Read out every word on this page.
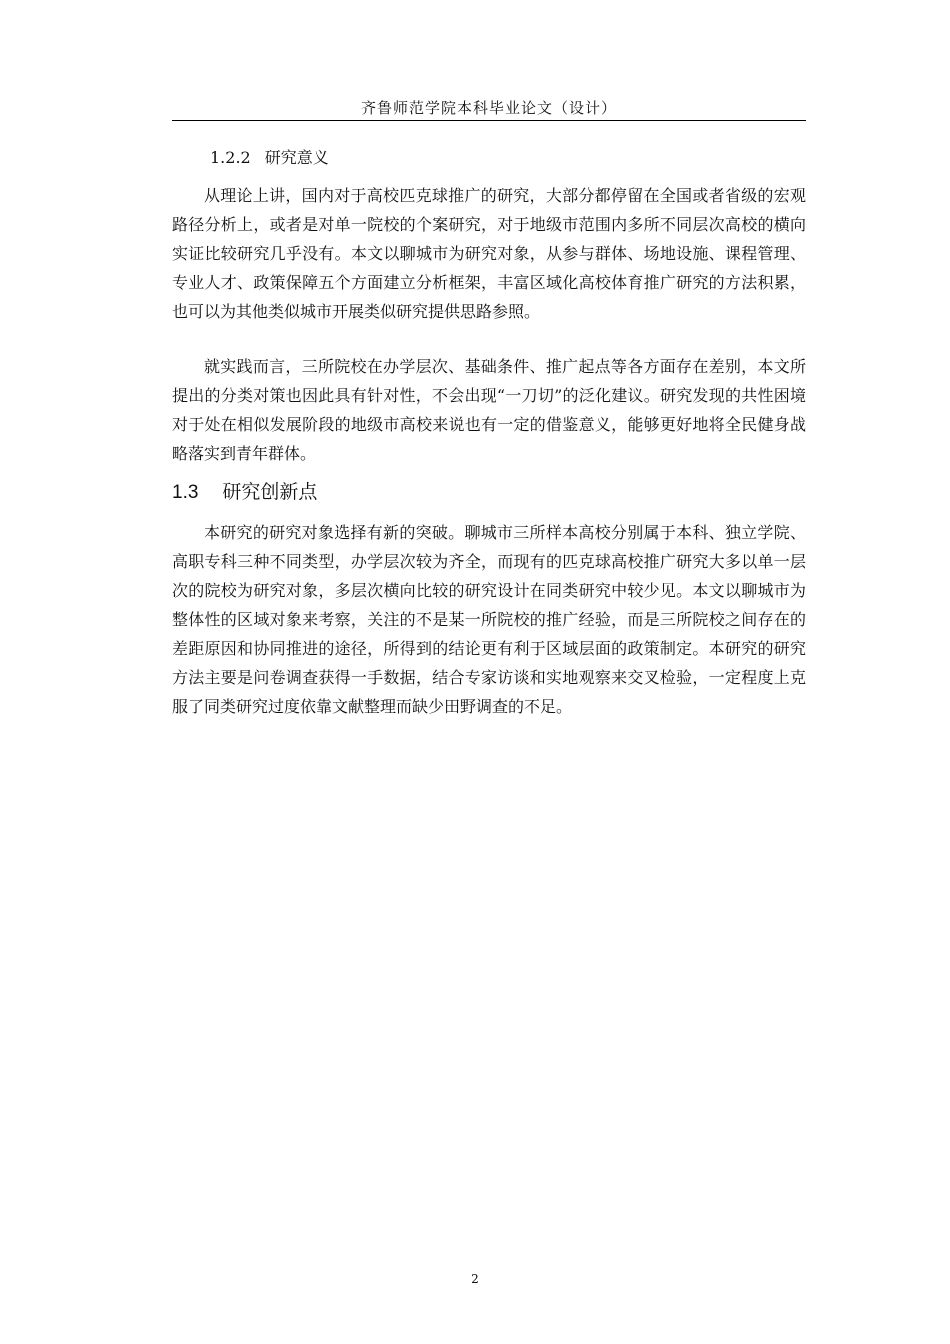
齐鲁师范学院本科毕业论文（设计）
1.2.2 研究意义

从理论上讲，国内对于高校匹克球推广的研究，大部分都停留在全国或者省级的宏观路径分析上，或者是对单一院校的个案研究，对于地级市范围内多所不同层次高校的横向实证比较研究几乎没有。本文以聊城市为研究对象，从参与群体、场地设施、课程管理、专业人才、政策保障五个方面建立分析框架，丰富区域化高校体育推广研究的方法积累，也可以为其他类似城市开展类似研究提供思路参照。

就实践而言，三所院校在办学层次、基础条件、推广起点等各方面存在差别，本文所提出的分类对策也因此具有针对性，不会出现“一刀切”的泛化建议。研究发现的共性困境对于处在相似发展阶段的地级市高校来说也有一定的借鉴意义，能够更好地将全民健身战略落实到青年群体。

1.3 研究创新点

本研究的研究对象选择有新的突破。聊城市三所样本高校分别属于本科、独立学院、高职专科三种不同类型，办学层次较为齐全，而现有的匹克球高校推广研究大多以单一层次的院校为研究对象，多层次横向比较的研究设计在同类研究中较少见。本文以聊城市为整体性的区域对象来考察，关注的不是某一所院校的推广经验，而是三所院校之间存在的差距原因和协同推进的途径，所得到的结论更有利于区域层面的政策制定。本研究的研究方法主要是问卷调查获得一手数据，结合专家访谈和实地观察来交叉检验，一定程度上克服了同类研究过度依靠文献整理而缺少田野调查的不足。

2
